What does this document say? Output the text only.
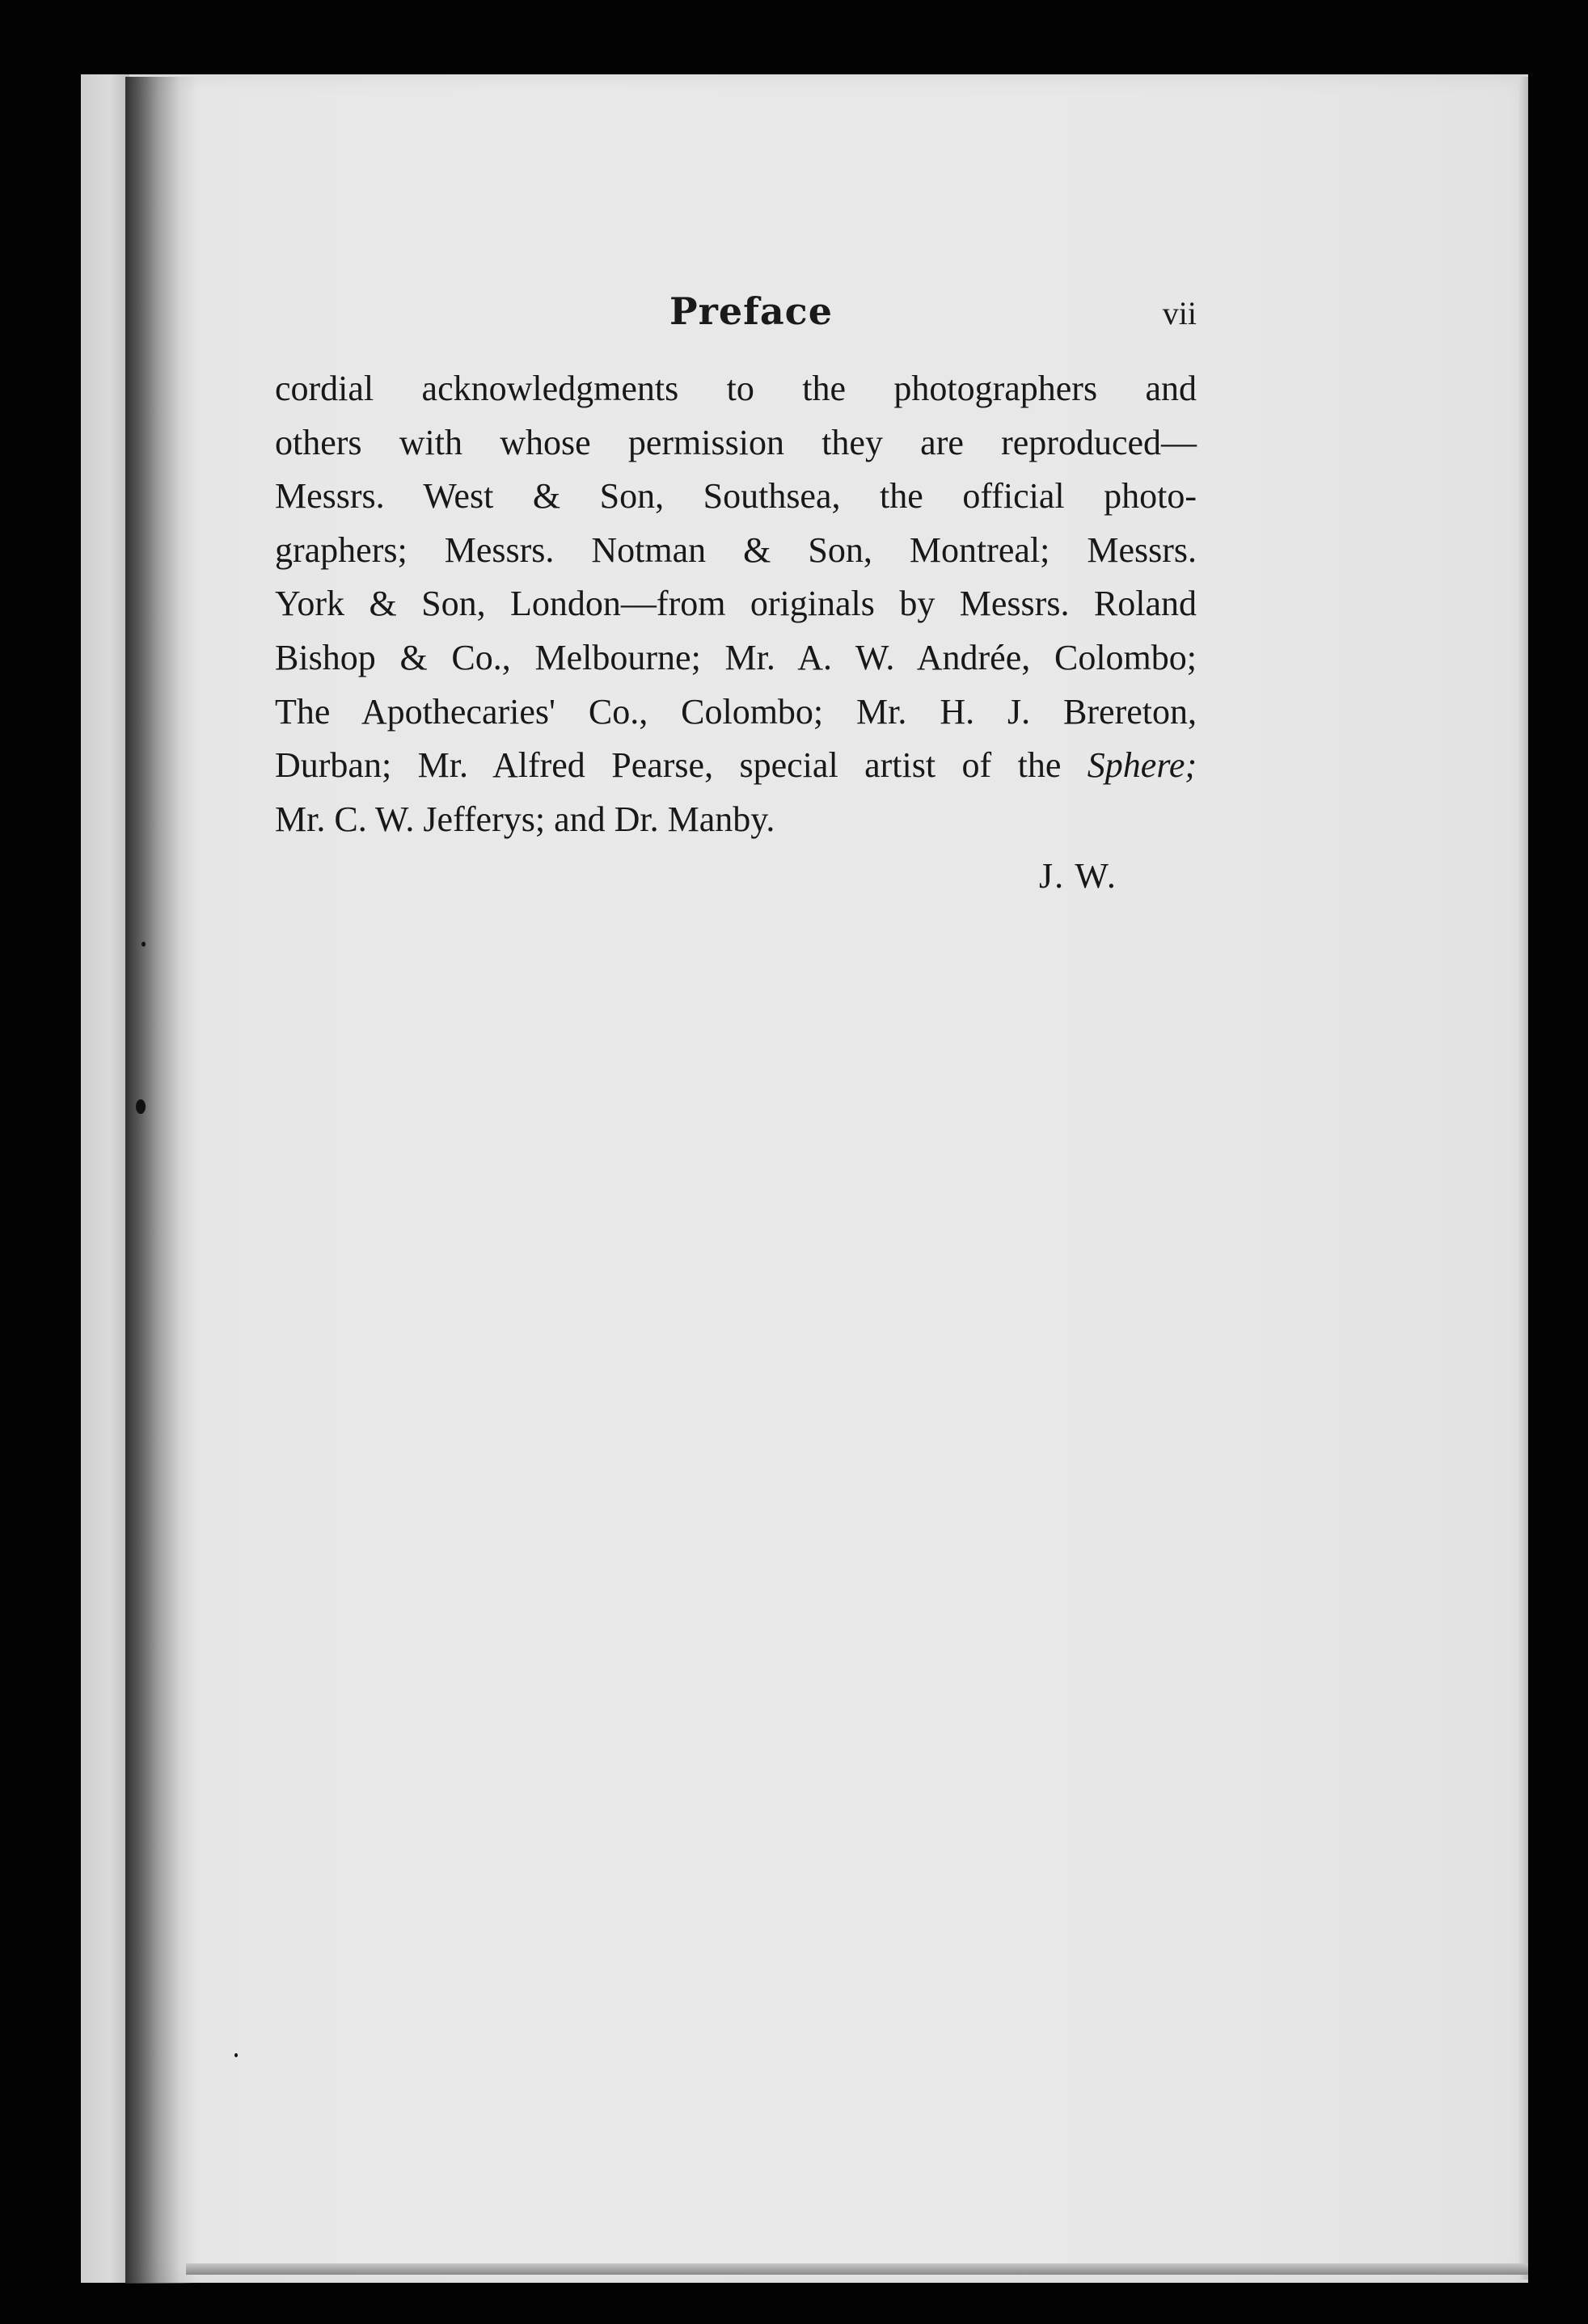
Preface	vii
cordial acknowledgments to the photographers and
others with whose permission they are reproduced—
Messrs. West & Son, Southsea, the official photo-
graphers; Messrs. Notman & Son, Montreal; Messrs.
York & Son, London—from originals by Messrs. Roland
Bishop & Co., Melbourne; Mr. A. W. Andrée, Colombo;
The Apothecaries' Co., Colombo; Mr. H. J. Brereton,
Durban; Mr. Alfred Pearse, special artist of the Sphere;
Mr. C. W. Jefferys; and Dr. Manby.
J. W.
